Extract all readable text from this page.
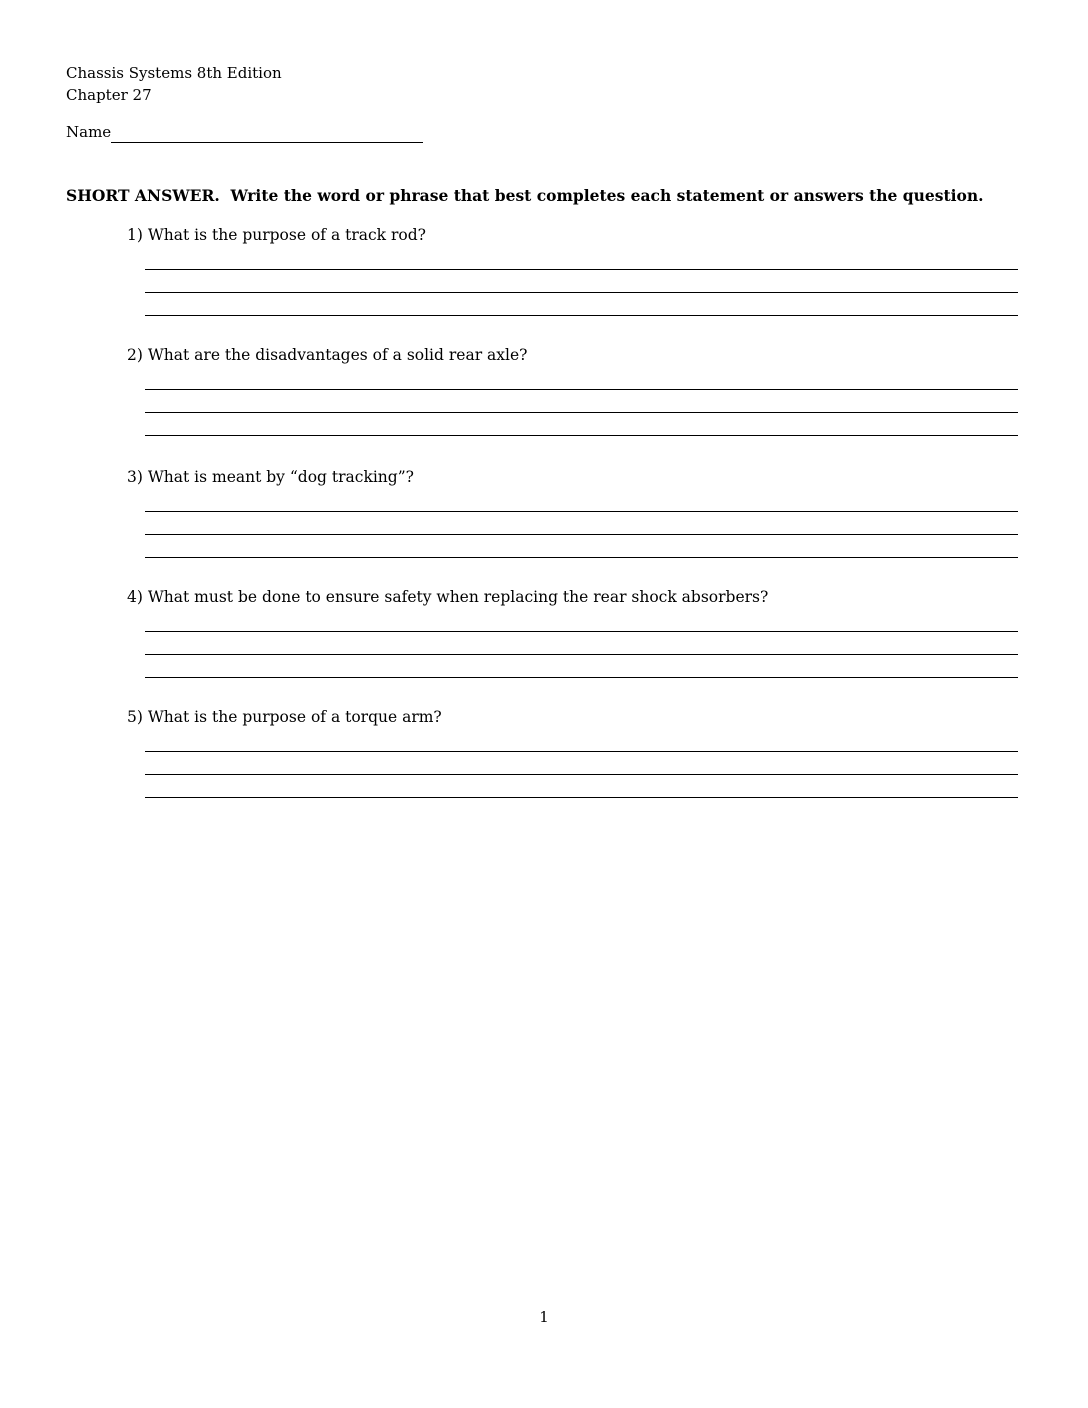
Chassis Systems 8th Edition
Chapter 27
Name
SHORT ANSWER.  Write the word or phrase that best completes each statement or answers the question.
1) What is the purpose of a track rod?
2) What are the disadvantages of a solid rear axle?
3) What is meant by “dog tracking”?
4) What must be done to ensure safety when replacing the rear shock absorbers?
5) What is the purpose of a torque arm?
1
